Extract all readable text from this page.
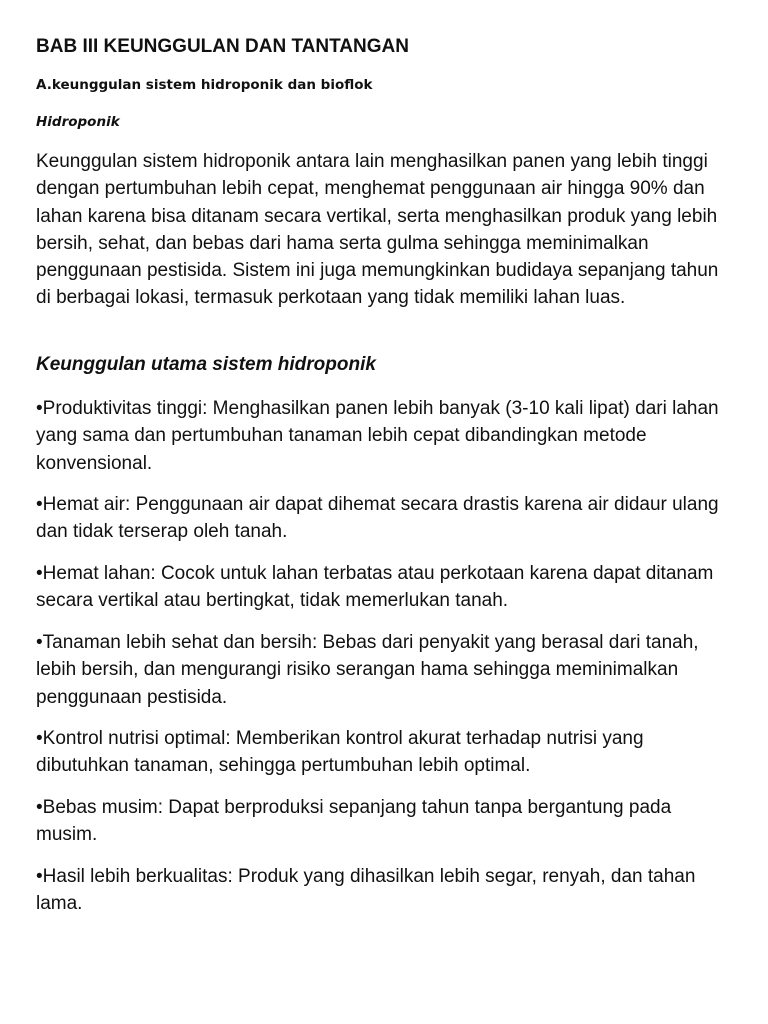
BAB III KEUNGGULAN DAN TANTANGAN
A.keunggulan sistem hidroponik dan bioflok
Hidroponik

Keunggulan sistem hidroponik antara lain menghasilkan panen yang lebih tinggi dengan pertumbuhan lebih cepat, menghemat penggunaan air hingga 90% dan lahan karena bisa ditanam secara vertikal, serta menghasilkan produk yang lebih bersih, sehat, dan bebas dari hama serta gulma sehingga meminimalkan penggunaan pestisida. Sistem ini juga memungkinkan budidaya sepanjang tahun di berbagai lokasi, termasuk perkotaan yang tidak memiliki lahan luas.

Keunggulan utama sistem hidroponik

•Produktivitas tinggi: Menghasilkan panen lebih banyak (3-10 kali lipat) dari lahan yang sama dan pertumbuhan tanaman lebih cepat dibandingkan metode konvensional.

•Hemat air: Penggunaan air dapat dihemat secara drastis karena air didaur ulang dan tidak terserap oleh tanah.

•Hemat lahan: Cocok untuk lahan terbatas atau perkotaan karena dapat ditanam secara vertikal atau bertingkat, tidak memerlukan tanah.

•Tanaman lebih sehat dan bersih: Bebas dari penyakit yang berasal dari tanah, lebih bersih, dan mengurangi risiko serangan hama sehingga meminimalkan penggunaan pestisida.

•Kontrol nutrisi optimal: Memberikan kontrol akurat terhadap nutrisi yang dibutuhkan tanaman, sehingga pertumbuhan lebih optimal.

•Bebas musim: Dapat berproduksi sepanjang tahun tanpa bergantung pada musim.

•Hasil lebih berkualitas: Produk yang dihasilkan lebih segar, renyah, dan tahan lama.
